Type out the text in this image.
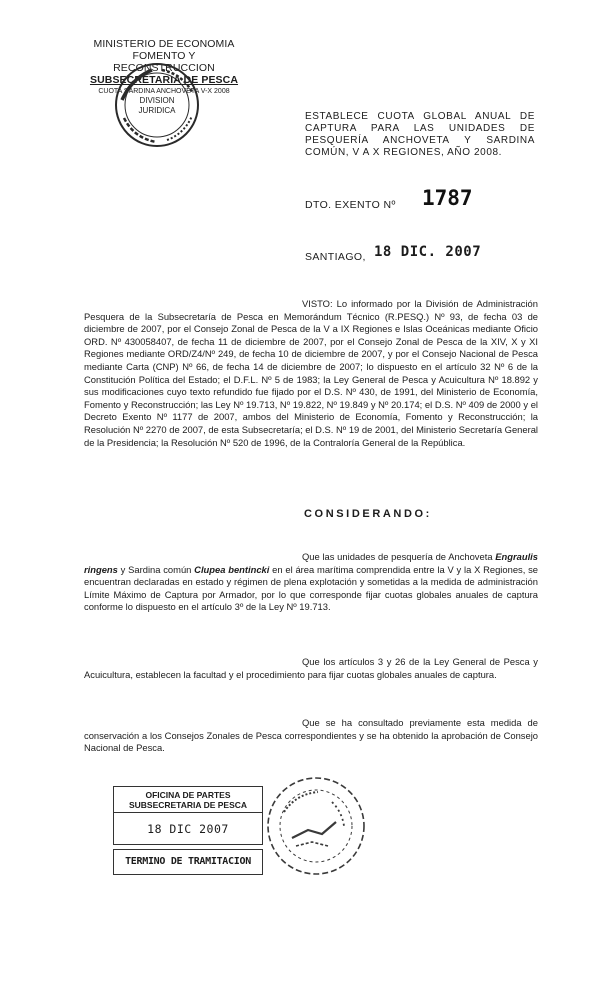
MINISTERIO DE ECONOMIA
FOMENTO Y RECONSTRUCCION
SUBSECRETARIA DE PESCA
CUOTA SARDINA ANCHOVETA V-X 2008
DIVISION
JURIDICA
ESTABLECE CUOTA GLOBAL ANUAL DE CAPTURA PARA LAS UNIDADES DE PESQUERÍA ANCHOVETA Y SARDINA COMÚN, V A X REGIONES, AÑO 2008.
DTO. EXENTO Nº 1787
SANTIAGO, 18 DIC. 2007
VISTO: Lo informado por la División de Administración Pesquera de la Subsecretaría de Pesca en Memorándum Técnico (R.PESQ.) Nº 93, de fecha 03 de diciembre de 2007, por el Consejo Zonal de Pesca de la V a IX Regiones e Islas Oceánicas mediante Oficio ORD. Nº 430058407, de fecha 11 de diciembre de 2007, por el Consejo Zonal de Pesca de la XIV, X y XI Regiones mediante ORD/Z4/Nº 249, de fecha 10 de diciembre de 2007, y por el Consejo Nacional de Pesca mediante Carta (CNP) Nº 66, de fecha 14 de diciembre de 2007; lo dispuesto en el artículo 32 Nº 6 de la Constitución Política del Estado; el D.F.L. Nº 5 de 1983; la Ley General de Pesca y Acuicultura Nº 18.892 y sus modificaciones cuyo texto refundido fue fijado por el D.S. Nº 430, de 1991, del Ministerio de Economía, Fomento y Reconstrucción; las Ley Nº 19.713, Nº 19.822, Nº 19.849 y Nº 20.174; el D.S. Nº 409 de 2000 y el Decreto Exento Nº 1177 de 2007, ambos del Ministerio de Economía, Fomento y Reconstrucción; la Resolución Nº 2270 de 2007, de esta Subsecretaría; el D.S. Nº 19 de 2001, del Ministerio Secretaría General de la Presidencia; la Resolución Nº 520 de 1996, de la Contraloría General de la República.
CONSIDERANDO:
Que las unidades de pesquería de Anchoveta Engraulis ringens y Sardina común Clupea bentincki en el área marítima comprendida entre la V y la X Regiones, se encuentran declaradas en estado y régimen de plena explotación y sometidas a la medida de administración Límite Máximo de Captura por Armador, por lo que corresponde fijar cuotas globales anuales de captura conforme lo dispuesto en el artículo 3º de la Ley Nº 19.713.
Que los artículos 3 y 26 de la Ley General de Pesca y Acuicultura, establecen la facultad y el procedimiento para fijar cuotas globales anuales de captura.
Que se ha consultado previamente esta medida de conservación a los Consejos Zonales de Pesca correspondientes y se ha obtenido la aprobación de Consejo Nacional de Pesca.
OFICINA DE PARTES
SUBSECRETARIA DE PESCA
18 DIC 2007
TERMINO DE TRAMITACION
